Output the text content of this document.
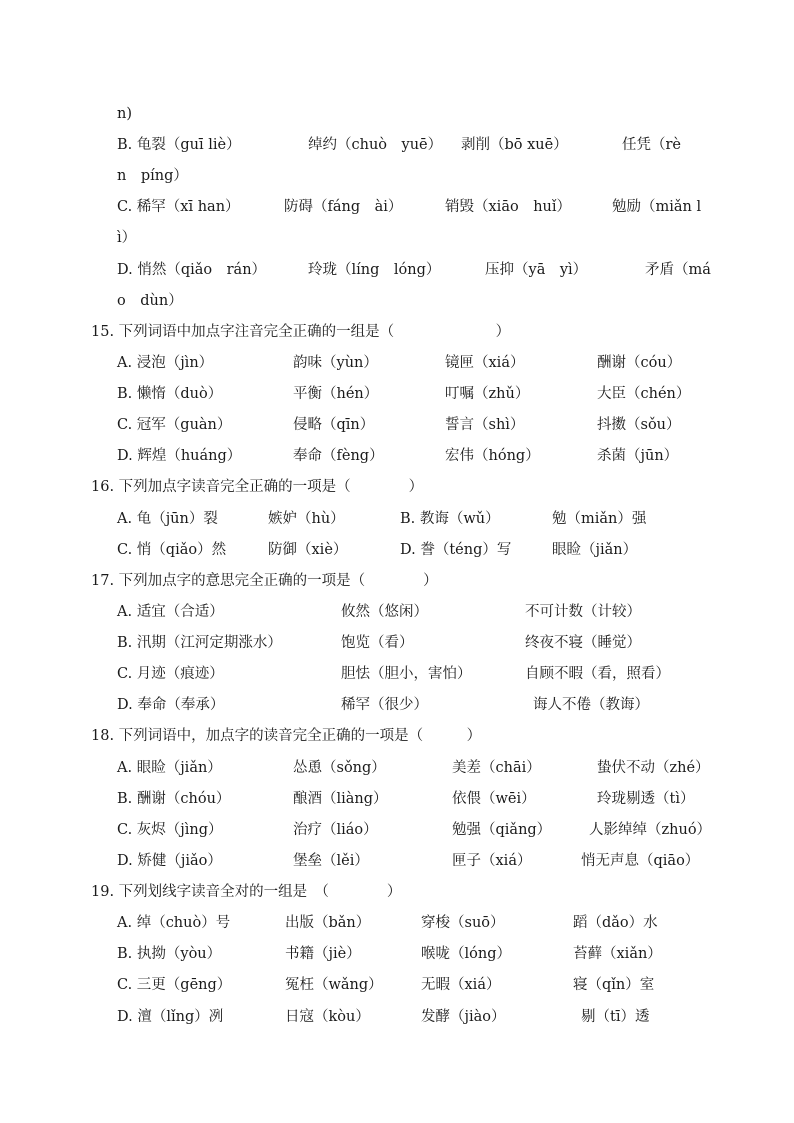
n)
B. 龟裂（guī liè）	绰约（chuò　yuē） 剥削（bō xuē）	任凭（rè
n　píng）
C. 稀罕（xī han）	防碍（fáng　ài）	销毁（xiāo　huǐ）	勉励（miǎn l
ì）
D. 悄然（qiǎo　rán）	玲珑（líng　lóng）	压抑（yā　yì）	矛盾（má
o　dùn）
15. 下列词语中加点字注音完全正确的一组是（　　　　　　　）
A. 浸泡（jìn）	韵味（yùn）	镜匣（xiá）	酬谢（cóu）
B. 懒惰（duò）	平衡（hén）	叮嘱（zhǔ）	大臣（chén）
C. 冠军（guàn）	侵略（qīn）	誓言（shì）	抖擞（sǒu）
D. 辉煌（huáng）	奉命（fèng）	宏伟（hóng）	杀菌（jūn）
16. 下列加点字读音完全正确的一项是（　　　　）
A. 龟（jūn）裂	嫉妒（hù）	B. 教诲（wǔ）	勉（miǎn）强
C. 悄（qiǎo）然	防御（xiè）	D. 誊（téng）写	眼睑（jiǎn）
17. 下列加点字的意思完全正确的一项是（　　　　）
A. 适宜（合适）	攸然（悠闲）	不可计数（计较）
B. 汛期（江河定期涨水）	饱览（看）	终夜不寝（睡觉）
C. 月迹（痕迹）	胆怯（胆小，害怕）	自顾不暇（看，照看）
D. 奉命（奉承）	稀罕（很少）	诲人不倦（教诲）
18. 下列词语中，加点字的读音完全正确的一项是（　　　）
A. 眼睑（jiǎn）	怂恿（sǒng）	美差（chāi）	蛰伏不动（zhé）
B. 酬谢（chóu）	酿酒（liàng）	依偎（wēi）	玲珑剔透（tì）
C. 灰烬（jìng）	治疗（liáo）	勉强（qiǎng）	人影绰绰（zhuó）
D. 矫健（jiǎo）	堡垒（lěi）	匣子（xiá）	悄无声息（qiāo）
19. 下列划线字读音全对的一组是　（　　　　）
A. 绰（chuò）号	出版（bǎn）	穿梭（suō）	蹈（dǎo）水
B. 执拗（yòu）	书籍（jiè）	喉咙（lóng）	苔藓（xiǎn）
C. 三更（gēng）	冤枉（wǎng）	无暇（xiá）	寝（qǐn）室
D. 澶（lǐng）冽	日寇（kòu）	发酵（jiào）	剔（tī）透
